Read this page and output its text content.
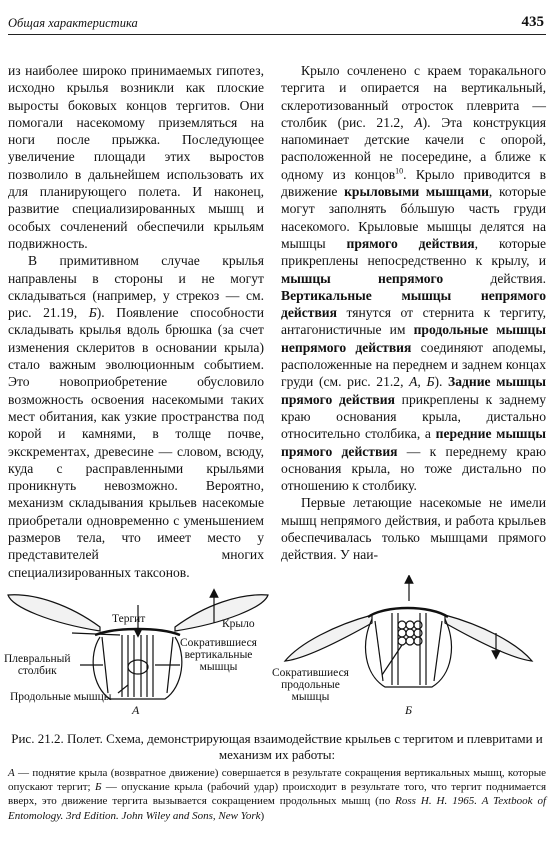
Общая характеристика	435

из наиболее широко принимаемых гипотез, исходно крылья возникли как плоские выросты боковых концов тергитов. Они помогали насекомому приземляться на ноги после прыжка. Последующее увеличение площади этих выростов позволило в дальнейшем использовать их для планирующего полета. И наконец, развитие специализированных мышц и особых сочленений обеспечили крыльям подвижность.

В примитивном случае крылья направлены в стороны и не могут складываться (например, у стрекоз — см. рис. 21.19, Б). Появление способности складывать крылья вдоль брюшка (за счет изменения склеритов в основании крыла) стало важным эволюционным событием. Это новоприобретение обусловило возможность освоения насекомыми таких мест обитания, как узкие пространства под корой и камнями, в толще почве, экскрементах, древесине — словом, всюду, куда с расправленными крыльями проникнуть невозможно. Вероятно, механизм складывания крыльев насекомые приобретали одновременно с уменьшением размеров тела, что имеет место у представителей многих специализированных таксонов.

Крыло сочленено с краем торакального тергита и опирается на вертикальный, склеротизованный отросток плеврита — столбик (рис. 21.2, А). Эта конструкция напоминает детские качели с опорой, расположенной не посередине, а ближе к одному из концов$^{10}$. Крыло приводится в движение крыловыми мышцами, которые могут заполнять бóльшую часть груди насекомого. Крыловые мышцы делятся на мышцы прямого действия, которые прикреплены непосредственно к крылу, и мышцы непрямого действия. Вертикальные мышцы непрямого действия тянутся от стернита к тергиту, антагонистичные им продольные мышцы непрямого действия соединяют аподемы, расположенные на переднем и заднем концах груди (см. рис. 21.2, А, Б). Задние мышцы прямого действия прикреплены к заднему краю основания крыла, дистально относительно столбика, а передние мышцы прямого действия — к переднему краю основания крыла, но тоже дистально по отношению к столбику.

Первые летающие насекомые не имели мышц непрямого действия, и работа крыльев обеспечивалась только мышцами прямого действия. У наи-

Тергит	Крыло
Плевральный
столбик
Сократившиеся
вертикальные
мышцы
Продольные мышцы
А
Сократившиеся
продольные
мышцы
Б
Рис. 21.2. Полет. Схема, демонстрирующая взаимодействие крыльев с тергитом и плевритами и механизм их работы:
А — поднятие крыла (возвратное движение) совершается в результате сокращения вертикальных мышц, которые опускают тергит; Б — опускание крыла (рабочий удар) происходит в результате того, что тергит поднимается вверх, это движение тергита вызывается сокращением продольных мышц (по Ross H. H. 1965. A Textbook of Entomology. 3rd Edition. John Wiley and Sons, New York)
